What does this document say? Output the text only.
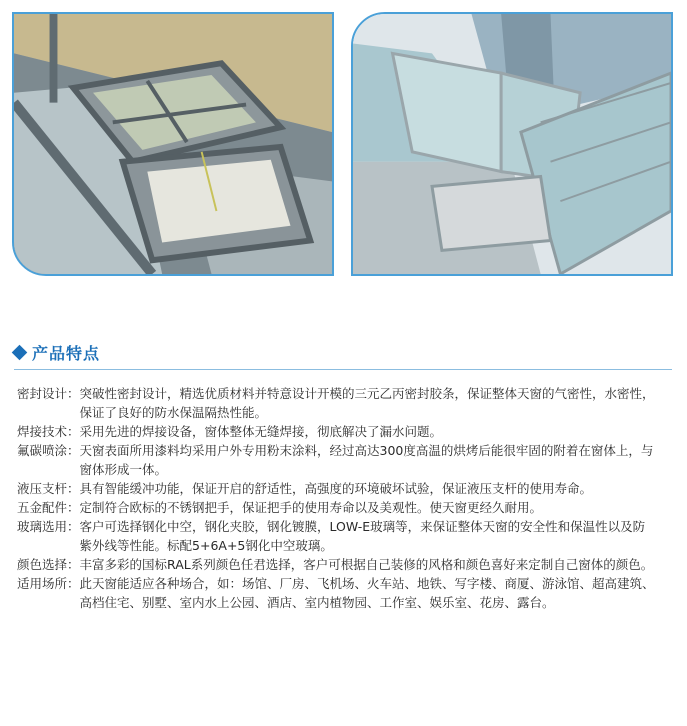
产品特点
密封设计： 突破性密封设计，精选优质材料并特意设计开模的三元乙丙密封胶条，保证整体天窗的气密性，水密性，保证了良好的防水保温隔热性能。
焊接技术： 采用先进的焊接设备，窗体整体无缝焊接，彻底解决了漏水问题。
氟碳喷涂： 天窗表面所用漆料均采用户外专用粉末涂料，经过高达300度高温的烘烤后能很牢固的附着在窗体上，与窗体形成一体。
液压支杆： 具有智能缓冲功能，保证开启的舒适性，高强度的环境破坏试验，保证液压支杆的使用寿命。
五金配件： 定制符合欧标的不锈钢把手，保证把手的使用寿命以及美观性。使天窗更经久耐用。
玻璃选用： 客户可选择钢化中空，钢化夹胶，钢化镀膜，LOW-E玻璃等，来保证整体天窗的安全性和保温性以及防紫外线等性能。标配5+6A+5钢化中空玻璃。
颜色选择： 丰富多彩的国标RAL系列颜色任君选择，客户可根据自己装修的风格和颜色喜好来定制自己窗体的颜色。
适用场所： 此天窗能适应各种场合，如：场馆、厂房、飞机场、火车站、地铁、写字楼、商厦、游泳馆、超高建筑、高档住宅、别墅、室内水上公园、酒店、室内植物园、工作室、娱乐室、花房、露台。
